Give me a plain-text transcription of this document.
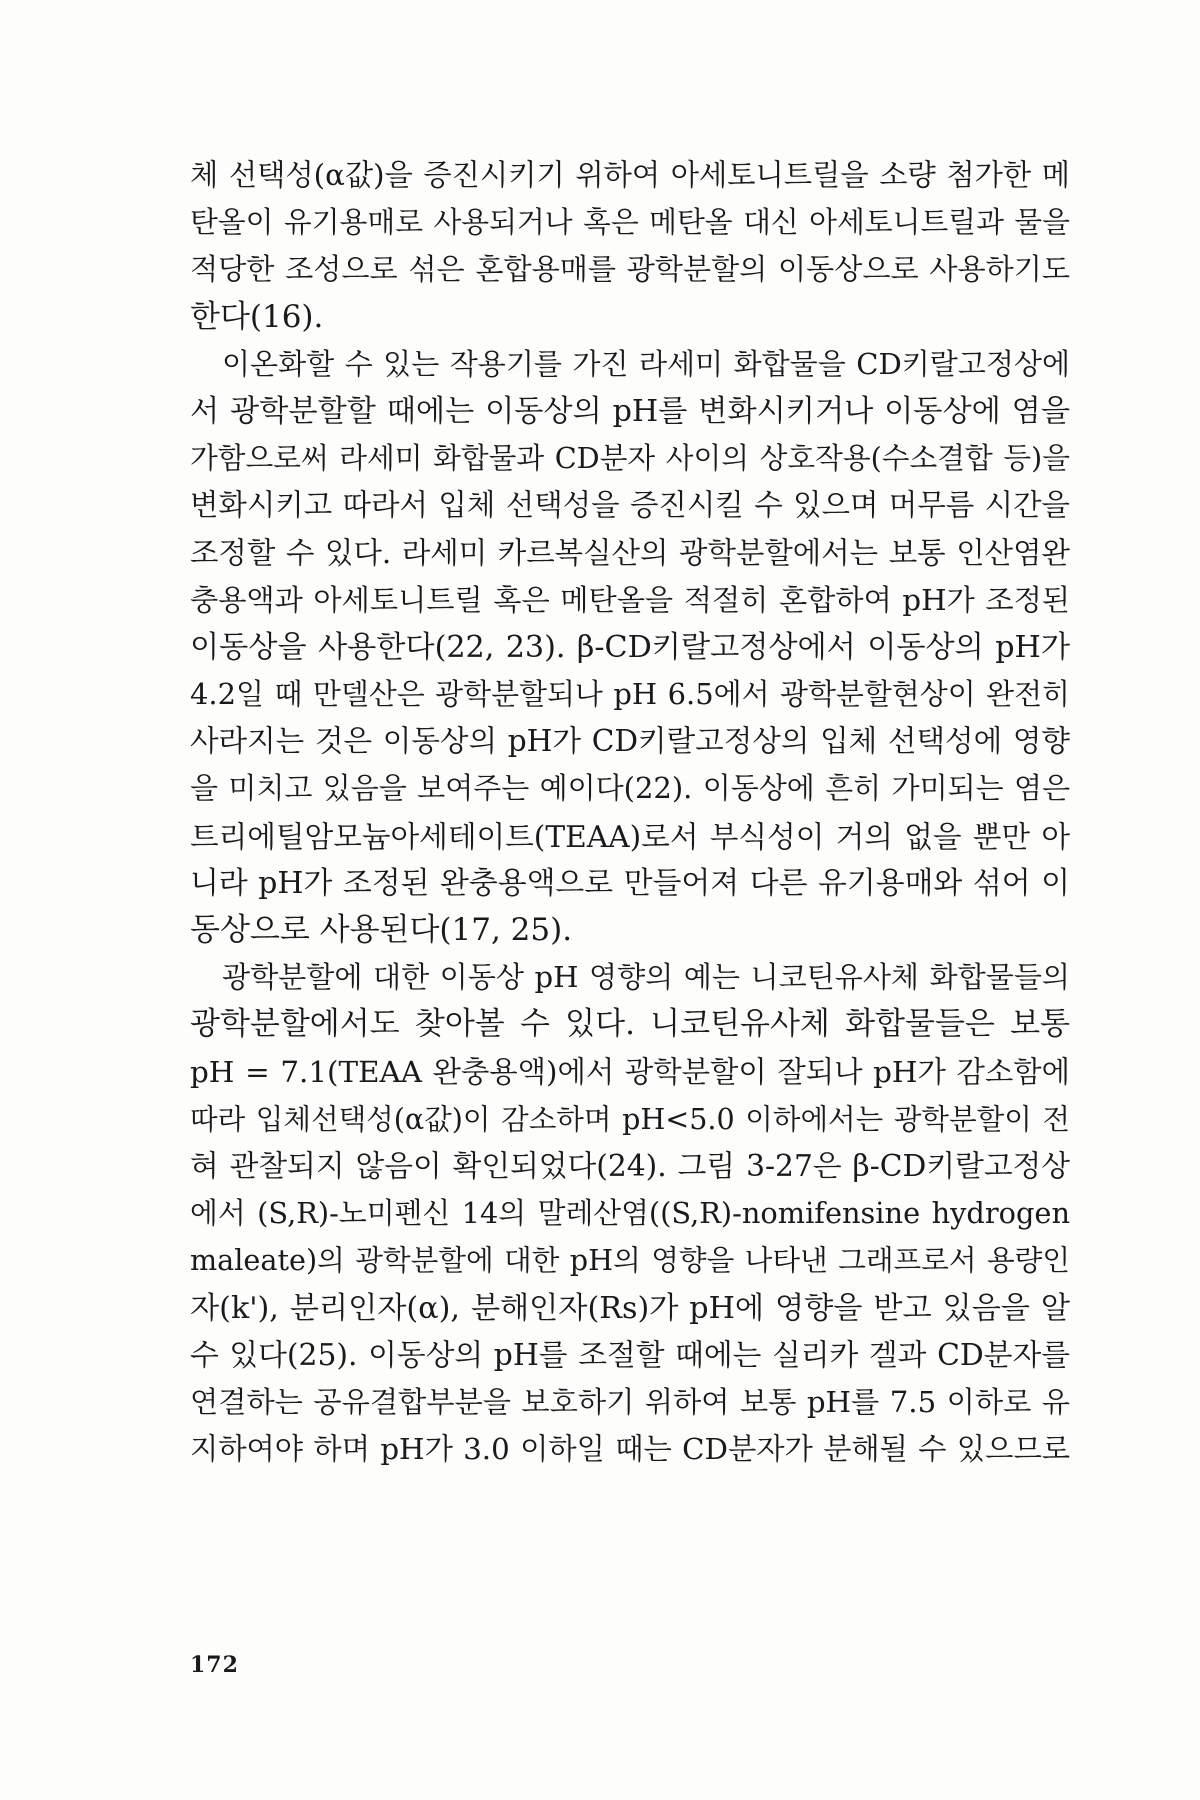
체 선택성(α값)을 증진시키기 위하여 아세토니트릴을 소량 첨가한 메
탄올이 유기용매로 사용되거나 혹은 메탄올 대신 아세토니트릴과 물을
적당한 조성으로 섞은 혼합용매를 광학분할의 이동상으로 사용하기도
한다(16).
이온화할 수 있는 작용기를 가진 라세미 화합물을 CD키랄고정상에
서 광학분할할 때에는 이동상의 pH를 변화시키거나 이동상에 염을
가함으로써 라세미 화합물과 CD분자 사이의 상호작용(수소결합 등)을
변화시키고 따라서 입체 선택성을 증진시킬 수 있으며 머무름 시간을
조정할 수 있다. 라세미 카르복실산의 광학분할에서는 보통 인산염완
충용액과 아세토니트릴 혹은 메탄올을 적절히 혼합하여 pH가 조정된
이동상을 사용한다(22, 23). β-CD키랄고정상에서 이동상의 pH가
4.2일 때 만델산은 광학분할되나 pH 6.5에서 광학분할현상이 완전히
사라지는 것은 이동상의 pH가 CD키랄고정상의 입체 선택성에 영향
을 미치고 있음을 보여주는 예이다(22). 이동상에 흔히 가미되는 염은
트리에틸암모늄아세테이트(TEAA)로서 부식성이 거의 없을 뿐만 아
니라 pH가 조정된 완충용액으로 만들어져 다른 유기용매와 섞어 이
동상으로 사용된다(17, 25).
광학분할에 대한 이동상 pH 영향의 예는 니코틴유사체 화합물들의
광학분할에서도 찾아볼 수 있다. 니코틴유사체 화합물들은 보통
pH = 7.1(TEAA 완충용액)에서 광학분할이 잘되나 pH가 감소함에
따라 입체선택성(α값)이 감소하며 pH<5.0 이하에서는 광학분할이 전
혀 관찰되지 않음이 확인되었다(24). 그림 3-27은 β-CD키랄고정상
에서 (S,R)-노미펜신 14의 말레산염((S,R)-nomifensine hydrogen
maleate)의 광학분할에 대한 pH의 영향을 나타낸 그래프로서 용량인
자(k'), 분리인자(α), 분해인자(Rs)가 pH에 영향을 받고 있음을 알
수 있다(25). 이동상의 pH를 조절할 때에는 실리카 겔과 CD분자를
연결하는 공유결합부분을 보호하기 위하여 보통 pH를 7.5 이하로 유
지하여야 하며 pH가 3.0 이하일 때는 CD분자가 분해될 수 있으므로
172
